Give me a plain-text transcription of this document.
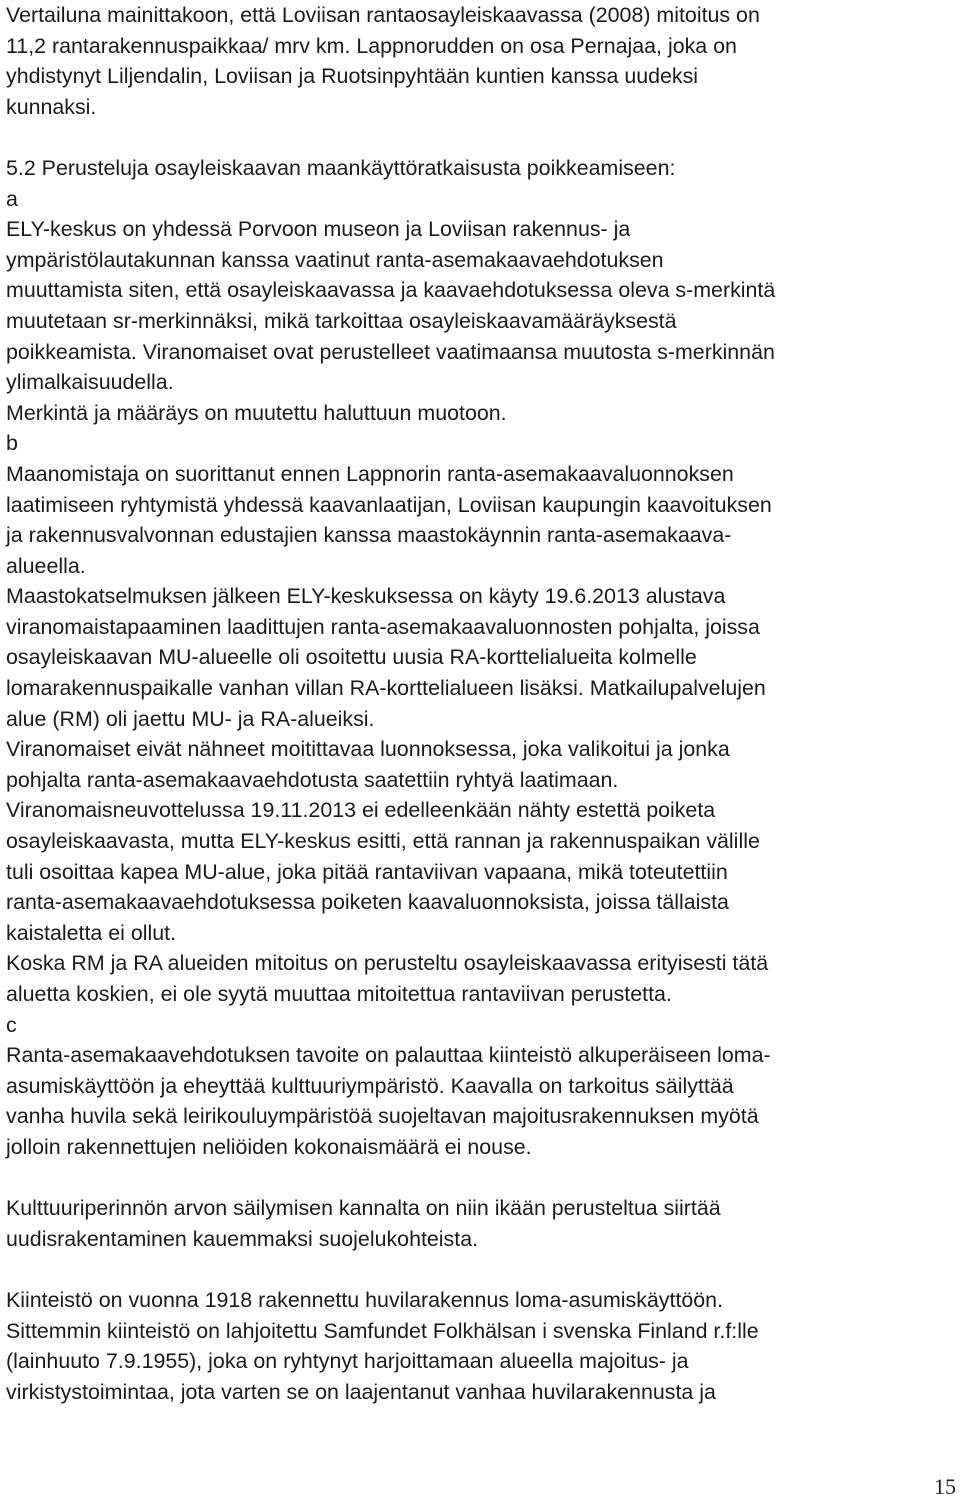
Vertailuna mainittakoon, että Loviisan rantaosayleiskaavassa (2008) mitoitus on
11,2 rantarakennuspaikkaa/ mrv km. Lappnorudden on osa Pernajaa, joka on
yhdistynyt Liljendalin, Loviisan ja Ruotsinpyhtään kuntien kanssa uudeksi
kunnaksi.
5.2 Perusteluja osayleiskaavan maankäyttöratkaisusta poikkeamiseen:
a
ELY-keskus on yhdessä Porvoon museon ja Loviisan rakennus- ja
ympäristölautakunnan kanssa vaatinut ranta-asemakaavaehdotuksen
muuttamista siten, että osayleiskaavassa ja kaavaehdotuksessa oleva s-merkintä
muutetaan sr-merkinnäksi, mikä tarkoittaa osayleiskaavamääräyksestä
poikkeamista. Viranomaiset ovat perustelleet vaatimaansa muutosta s-merkinnän
ylimalkaisuudella.
Merkintä ja määräys on muutettu haluttuun muotoon.
b
Maanomistaja on suorittanut ennen Lappnorin ranta-asemakaavaluonnoksen
laatimiseen ryhtymistä yhdessä kaavanlaatijan, Loviisan kaupungin kaavoituksen
ja rakennusvalvonnan edustajien kanssa maastokäynnin ranta-asemakaava-
alueella.
Maastokatselmuksen jälkeen ELY-keskuksessa on käyty 19.6.2013 alustava
viranomaistapaaminen laadittujen ranta-asemakaavaluonnosten pohjalta, joissa
osayleiskaavan MU-alueelle oli osoitettu uusia RA-korttelialueita kolmelle
lomarakennuspaikalle vanhan villan RA-korttelialueen lisäksi. Matkailupalvelujen
alue (RM) oli jaettu MU- ja RA-alueiksi.
Viranomaiset eivät nähneet moitittavaa luonnoksessa, joka valikoitui ja jonka
pohjalta ranta-asemakaavaehdotusta saatettiin ryhtyä laatimaan.
Viranomaisneuvottelussa 19.11.2013 ei edelleenkään nähty estettä poiketa
osayleiskaavasta, mutta ELY-keskus esitti, että rannan ja rakennuspaikan välille
tuli osoittaa kapea MU-alue, joka pitää rantaviivan vapaana, mikä toteutettiin
ranta-asemakaavaehdotuksessa poiketen kaavaluonnoksista, joissa tällaista
kaistaletta ei ollut.
Koska RM ja RA alueiden mitoitus on perusteltu osayleiskaavassa erityisesti tätä
aluetta koskien, ei ole syytä muuttaa mitoitettua rantaviivan perustetta.
c
Ranta-asemakaavehdotuksen tavoite on palauttaa kiinteistö alkuperäiseen loma-
asumiskäyttöön ja eheyttää kulttuuriympäristö. Kaavalla on tarkoitus säilyttää
vanha huvila sekä leirikouluympäristöä suojeltavan majoitusrakennuksen myötä
jolloin rakennettujen neliöiden kokonaismäärä ei nouse.
Kulttuuriperinnön arvon säilymisen kannalta on niin ikään perusteltua siirtää
uudisrakentaminen kauemmaksi suojelukohteista.
Kiinteistö on vuonna 1918 rakennettu huvilarakennus loma-asumiskäyttöön.
Sittemmin kiinteistö on lahjoitettu Samfundet Folkhälsan i svenska Finland r.f:lle
(lainhuuto 7.9.1955), joka on ryhtynyt harjoittamaan alueella majoitus- ja
virkistystoimintaa, jota varten se on laajentanut vanhaa huvilarakennusta ja
15
